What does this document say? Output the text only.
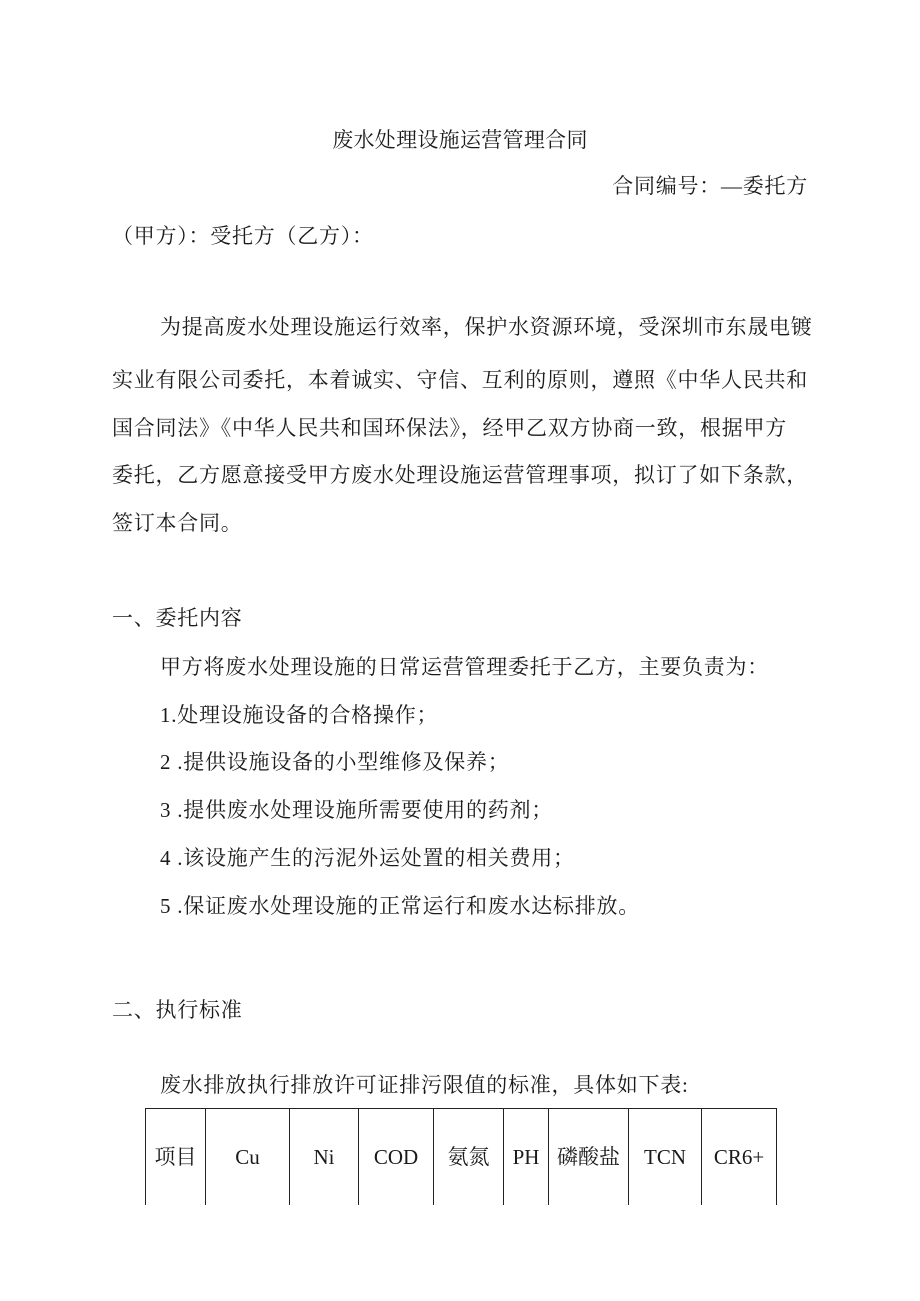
废水处理设施运营管理合同
合同编号：—委托方
（甲方）：受托方（乙方）：
为提高废水处理设施运行效率，保护水资源环境，受深圳市东晟电镀
实业有限公司委托，本着诚实、守信、互利的原则，遵照《中华人民共和
国合同法》《中华人民共和国环保法》，经甲乙双方协商一致，根据甲方
委托，乙方愿意接受甲方废水处理设施运营管理事项，拟订了如下条款，
签订本合同。
一、委托内容
甲方将废水处理设施的日常运营管理委托于乙方，主要负责为：
1.处理设施设备的合格操作；
2 .提供设施设备的小型维修及保养；
3 .提供废水处理设施所需要使用的药剂；
4 .该设施产生的污泥外运处置的相关费用；
5 .保证废水处理设施的正常运行和废水达标排放。
二、执行标准
废水排放执行排放许可证排污限值的标准，具体如下表:
项目	Cu	Ni	COD	氨氮	PH	磷酸盐	TCN	CR6+
